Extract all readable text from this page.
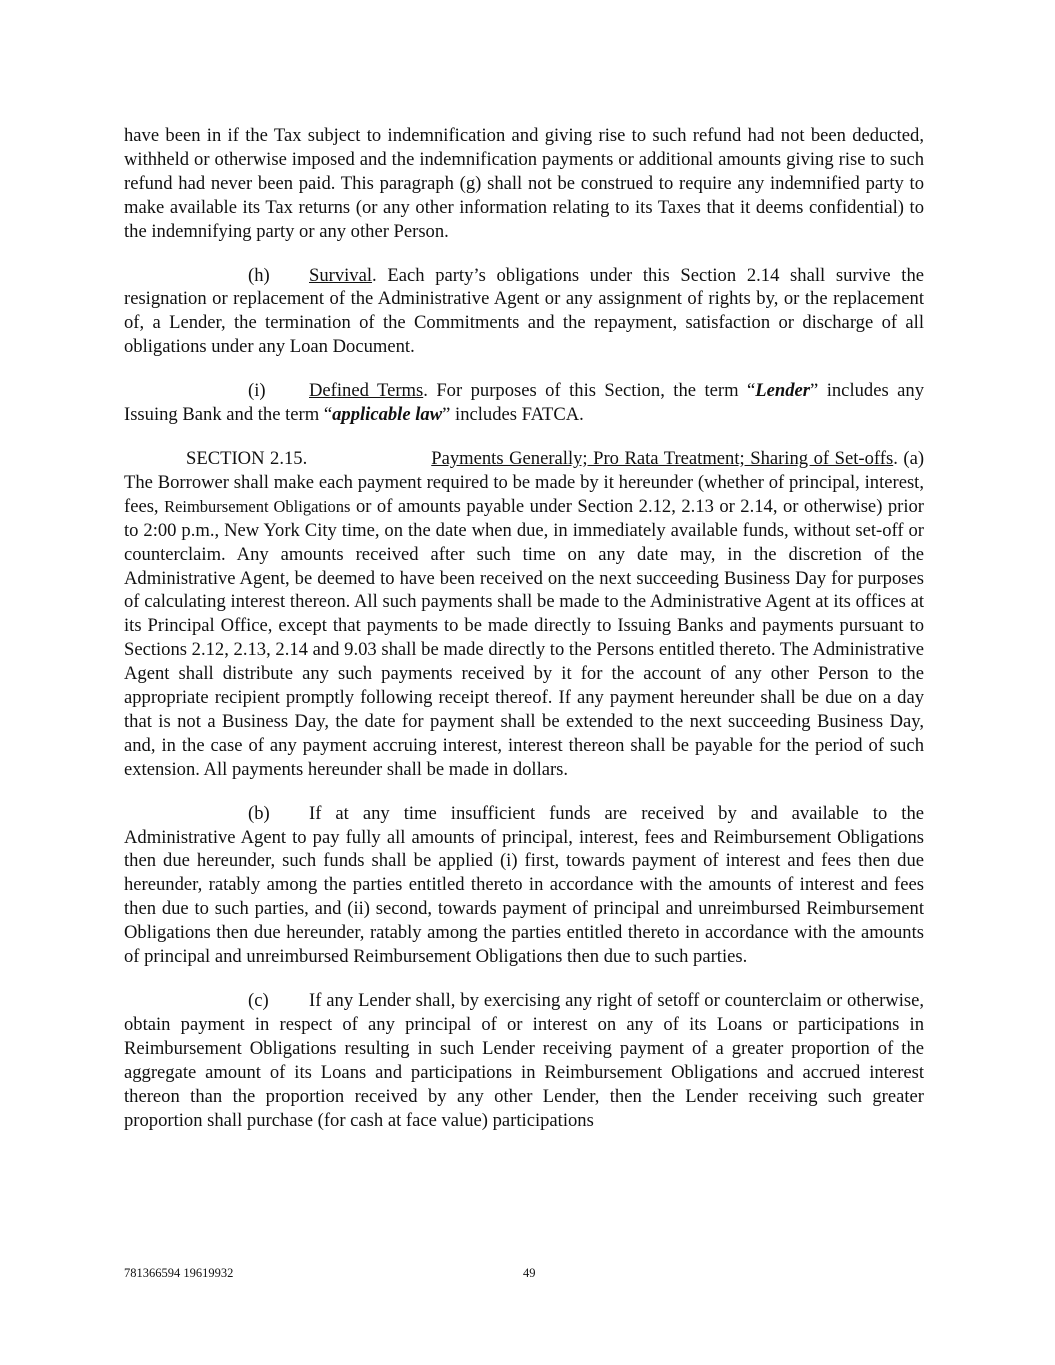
have been in if the Tax subject to indemnification and giving rise to such refund had not been deducted, withheld or otherwise imposed and the indemnification payments or additional amounts giving rise to such refund had never been paid. This paragraph (g) shall not be construed to require any indemnified party to make available its Tax returns (or any other information relating to its Taxes that it deems confidential) to the indemnifying party or any other Person.

(h) Survival. Each party’s obligations under this Section 2.14 shall survive the resignation or replacement of the Administrative Agent or any assignment of rights by, or the replacement of, a Lender, the termination of the Commitments and the repayment, satisfaction or discharge of all obligations under any Loan Document.

(i) Defined Terms. For purposes of this Section, the term “Lender” includes any Issuing Bank and the term “applicable law” includes FATCA.

SECTION 2.15.	Payments Generally; Pro Rata Treatment; Sharing of Set-offs. (a) The Borrower shall make each payment required to be made by it hereunder (whether of principal, interest, fees, Reimbursement Obligations or of amounts payable under Section 2.12, 2.13 or 2.14, or otherwise) prior to 2:00 p.m., New York City time, on the date when due, in immediately available funds, without set-off or counterclaim. Any amounts received after such time on any date may, in the discretion of the Administrative Agent, be deemed to have been received on the next succeeding Business Day for purposes of calculating interest thereon. All such payments shall be made to the Administrative Agent at its offices at its Principal Office, except that payments to be made directly to Issuing Banks and payments pursuant to Sections 2.12, 2.13, 2.14 and 9.03 shall be made directly to the Persons entitled thereto. The Administrative Agent shall distribute any such payments received by it for the account of any other Person to the appropriate recipient promptly following receipt thereof. If any payment hereunder shall be due on a day that is not a Business Day, the date for payment shall be extended to the next succeeding Business Day, and, in the case of any payment accruing interest, interest thereon shall be payable for the period of such extension. All payments hereunder shall be made in dollars.

(b) If at any time insufficient funds are received by and available to the Administrative Agent to pay fully all amounts of principal, interest, fees and Reimbursement Obligations then due hereunder, such funds shall be applied (i) first, towards payment of interest and fees then due hereunder, ratably among the parties entitled thereto in accordance with the amounts of interest and fees then due to such parties, and (ii) second, towards payment of principal and unreimbursed Reimbursement Obligations then due hereunder, ratably among the parties entitled thereto in accordance with the amounts of principal and unreimbursed Reimbursement Obligations then due to such parties.

(c) If any Lender shall, by exercising any right of setoff or counterclaim or otherwise, obtain payment in respect of any principal of or interest on any of its Loans or participations in Reimbursement Obligations resulting in such Lender receiving payment of a greater proportion of the aggregate amount of its Loans and participations in Reimbursement Obligations and accrued interest thereon than the proportion received by any other Lender, then the Lender receiving such greater proportion shall purchase (for cash at face value) participations

781366594 19619932	49
